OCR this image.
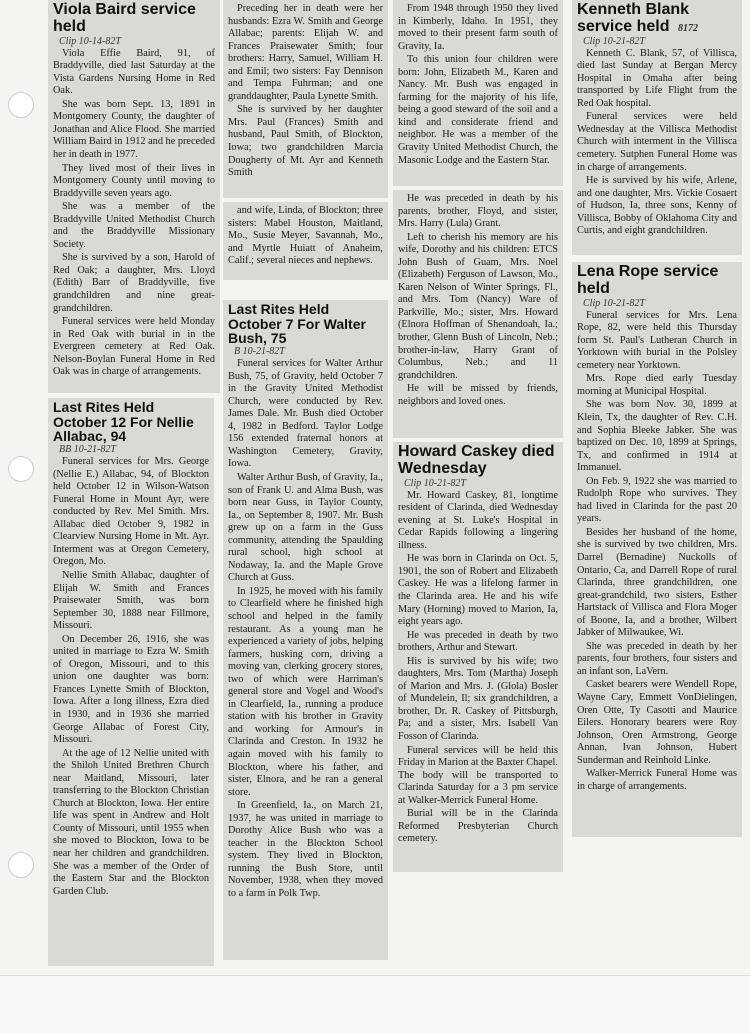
Viola Baird service held
Clip 10-14-82T

Viola Effie Baird, 91, of Braddyville, died last Saturday at the Vista Gardens Nursing Home in Red Oak.

She was born Sept. 13, 1891 in Montgomery County, the daughter of Jonathan and Alice Flood. She married William Baird in 1912 and he preceded her in death in 1977.

They lived most of their lives in Montgomery County until moving to Braddyville seven years ago.

She was a member of the Braddyville United Methodist Church and the Braddyville Missionary Society.

She is survived by a son, Harold of Red Oak; a daughter, Mrs. Lloyd (Edith) Barr of Braddyville, five grandchildren and nine great-grandchildren.

Funeral services were held Monday in Red Oak with burial in in the Evergreen cemetery at Red Oak. Nelson-Boylan Funeral Home in Red Oak was in charge of arrangements.

Last Rites Held October 12 For Nellie Allabac, 94
BB 10-21-82T

Funeral services for Mrs. George (Nellie E.) Allabac, 94, of Blockton held October 12 in Wilson-Watson Funeral Home in Mount Ayr, were conducted by Rev. Mel Smith. Mrs. Allabac died October 9, 1982 in Clearview Nursing Home in Mt. Ayr. Interment was at Oregon Cemetery, Oregon, Mo.

Nellie Smith Allabac, daughter of Elijah W. Smith and Frances Praisewater Smith, was born September 30, 1888 near Fillmore, Missouri.

On December 26, 1916, she was united in marriage to Ezra W. Smith of Oregon, Missouri, and to this union one daughter was born: Frances Lynette Smith of Blockton, Iowa. After a long illness, Ezra died in 1930, and in 1936 she married George Allabac of Forest City, Missouri.

At the age of 12 Nellie united with the Shiloh United Brethren Church near Maitland, Missouri, later transferring to the Blockton Christian Church at Blockton, Iowa. Her entire life was spent in Andrew and Holt County of Missouri, until 1955 when she moved to Blockton, Iowa to be near her children and grandchildren. She was a member of the Order of the Eastern Star and the Blockton Garden Club.

Preceding her in death were her husbands: Ezra W. Smith and George Allabac; parents: Elijah W. and Frances Praisewater Smith; four brothers: Harry, Samuel, William H. and Emil; two sisters: Fay Dennison and Tempa Fuhrman; and one granddaughter, Paula Lynette Smith.

She is survived by her daughter Mrs. Paul (Frances) Smith and husband, Paul Smith, of Blockton, Iowa; two grandchildren Marcia Dougherty of Mt. Ayr and Kenneth Smith

and wife, Linda, of Blockton; three sisters: Mabel Houston, Maitland, Mo., Susie Meyer, Savannah, Mo., and Myrtle Huiatt of Anaheim, Calif.; several nieces and nephews.

Last Rites Held October 7 For Walter Bush, 75
B 10-21-82T

Funeral services for Walter Arthur Bush, 75, of Gravity, held October 7 in the Gravity United Methodist Church, were conducted by Rev. James Dale. Mr. Bush died October 4, 1982 in Bedford. Taylor Lodge 156 extended fraternal honors at Washington Cemetery, Gravity, Iowa.

Walter Arthur Bush, of Gravity, Ia., son of Frank U. and Alma Bush, was born near Guss, in Taylor County, Ia., on September 8, 1907. Mr. Bush grew up on a farm in the Guss community, attending the Spaulding rural school, high school at Nodaway, Ia. and the Maple Grove Church at Guss.

In 1925, he moved with his family to Clearfield where he finished high school and helped in the family restaurant. As a young man he experienced a variety of jobs, helping farmers, husking corn, driving a moving van, clerking grocery stores, two of which were Harriman's general store and Vogel and Wood's in Clearfield, Ia., running a produce station with his brother in Gravity and working for Armour's in Clarinda and Creston. In 1932 he again moved with his family to Blockton, where his father, and sister, Elnora, and he ran a general store.

In Greenfield, Ia., on March 21, 1937, he was united in marriage to Dorothy Alice Bush who was a teacher in the Blockton School system. They lived in Blockton, running the Bush Store, until November, 1938, when they moved to a farm in Polk Twp.

From 1948 through 1950 they lived in Kimberly, Idaho. In 1951, they moved to their present farm south of Gravity, Ia.

To this union four children were born: John, Elizabeth M., Karen and Nancy. Mr. Bush was engaged in farming for the majority of his life, being a good steward of the soil and a kind and considerate friend and neighbor. He was a member of the Gravity United Methodist Church, the Masonic Lodge and the Eastern Star.

He was preceded in death by his parents, brother, Floyd, and sister, Mrs. Harry (Lula) Grant.

Left to cherish his memory are his wife, Dorothy and his children: ETCS John Bush of Guam, Mrs. Noel (Elizabeth) Ferguson of Lawson, Mo., Karen Nelson of Winter Springs, Fl., and Mrs. Tom (Nancy) Ware of Parkville, Mo.; sister, Mrs. Howard (Elnora Hoffman of Shenandoah, Ia.; brother, Glenn Bush of Lincoln, Neb.; brother-in-law, Harry Grant of Columbus, Neb.; and 11 grandchildren.

He will be missed by friends, neighbors and loved ones.

Howard Caskey died Wednesday
Clip 10-21-82T

Mr. Howard Caskey, 81, longtime resident of Clarinda, died Wednesday evening at St. Luke's Hospital in Cedar Rapids following a lingering illness.

He was born in Clarinda on Oct. 5, 1901, the son of Robert and Elizabeth Caskey. He was a lifelong farmer in the Clarinda area. He and his wife Mary (Horning) moved to Marion, Ia, eight years ago.

He was preceded in death by two brothers, Arthur and Stewart.

His is survived by his wife; two daughters, Mrs. Tom (Martha) Joseph of Marion and Mrs. J. (Glola) Bosler of Mundelein, Il; six grandchildren, a brother, Dr. R. Caskey of Pittsburgh, Pa; and a sister, Mrs. Isabell Van Fosson of Clarinda.

Funeral services will be held this Friday in Marion at the Baxter Chapel. The body will be transported to Clarinda Saturday for a 3 pm service at Walker-Merrick Funeral Home.

Burial will be in the Clarinda Reformed Presbyterian Church cemetery.

Kenneth Blank service held 8172
Clip 10-21-82T

Kenneth C. Blank, 57, of Villisca, died last Sunday at Bergan Mercy Hospital in Omaha after being transported by Life Flight from the Red Oak hospital.

Funeral services were held Wednesday at the Villisca Methodist Church with interment in the Villisca cemetery. Sutphen Funeral Home was in charge of arrangements.

He is survived by his wife, Arlene, and one daughter, Mrs. Vickie Cosaert of Hudson, Ia, three sons, Kenny of Villisca, Bobby of Oklahoma City and Curtis, and eight grandchildren.

Lena Rope service held
Clip 10-21-82T

Funeral services for Mrs. Lena Rope, 82, were held this Thursday form St. Paul's Lutheran Church in Yorktown with burial in the Polsley cemetery near Yorktown.

Mrs. Rope died early Tuesday morning at Municipal Hospital.

She was born Nov. 30, 1899 at Klein, Tx, the daughter of Rev. C.H. and Sophia Bleeke Jabker. She was baptized on Dec. 10, 1899 at Springs, Tx, and confirmed in 1914 at Immanuel.

On Feb. 9, 1922 she was married to Rudolph Rope who survives. They had lived in Clarinda for the past 20 years.

Besides her husband of the home, she is survived by two children, Mrs. Darrel (Bernadine) Nuckolls of Ontario, Ca, and Darrell Rope of rural Clarinda, three grandchildren, one great-grandchild, two sisters, Esther Hartstack of Villisca and Flora Moger of Boone, Ia, and a brother, Wilbert Jabker of Milwaukee, Wi.

She was preceded in death by her parents, four brothers, four sisters and an infant son, LaVern.

Casket bearers were Wendell Rope, Wayne Cary, Emmett VonDielingen, Oren Otte, Ty Casotti and Maurice Eilers. Honorary bearers were Roy Johnson, Oren Armstrong, George Annan, Ivan Johnson, Hubert Sunderman and Reinhold Linke.

Walker-Merrick Funeral Home was in charge of arrangements.
